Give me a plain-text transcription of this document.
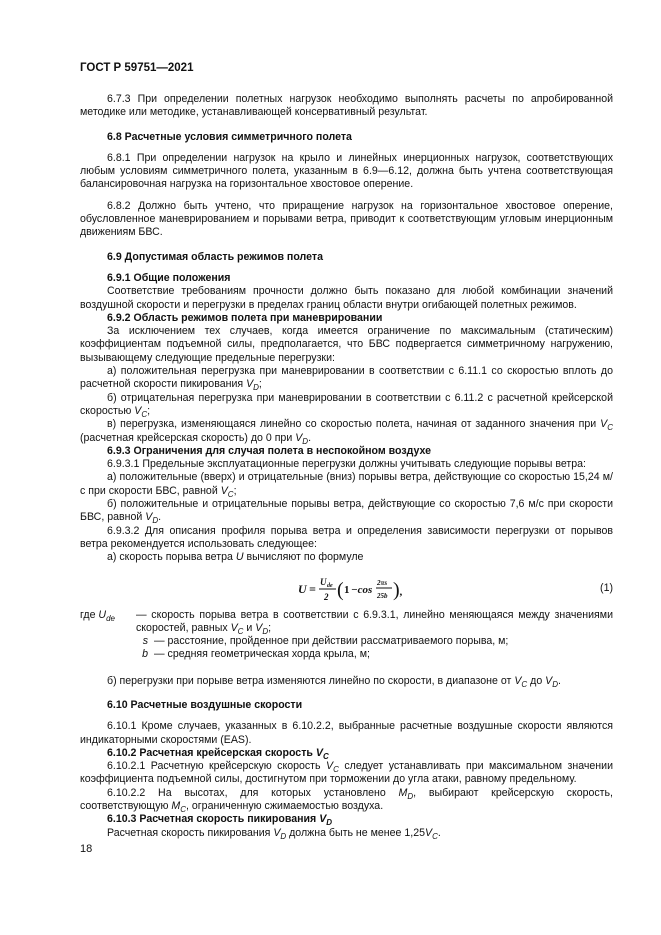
ГОСТ Р 59751—2021

6.7.3 При определении полетных нагрузок необходимо выполнять расчеты по апробированной методике или методике, устанавливающей консервативный результат.

6.8 Расчетные условия симметричного полета

6.8.1 При определении нагрузок на крыло и линейных инерционных нагрузок, соответствующих любым условиям симметричного полета, указанным в 6.9—6.12, должна быть учтена соответствующая балансировочная нагрузка на горизонтальное хвостовое оперение.

6.8.2 Должно быть учтено, что приращение нагрузок на горизонтальное хвостовое оперение, обусловленное маневрированием и порывами ветра, приводит к соответствующим угловым инерционным движениям БВС.

6.9 Допустимая область режимов полета

6.9.1 Общие положения

Соответствие требованиям прочности должно быть показано для любой комбинации значений воздушной скорости и перегрузки в пределах границ области внутри огибающей полетных режимов.

6.9.2 Область режимов полета при маневрировании

За исключением тех случаев, когда имеется ограничение по максимальным (статическим) коэффициентам подъемной силы, предполагается, что БВС подвергается симметричному нагружению, вызывающему следующие предельные перегрузки:

а) положительная перегрузка при маневрировании в соответствии с 6.11.1 со скоростью вплоть до расчетной скорости пикирования $V_D$;

б) отрицательная перегрузка при маневрировании в соответствии с 6.11.2 с расчетной крейсерской скоростью $V_C$;

в) перегрузка, изменяющаяся линейно со скоростью полета, начиная от заданного значения при $V_C$ (расчетная крейсерская скорость) до 0 при $V_D$.

6.9.3 Ограничения для случая полета в неспокойном воздухе

6.9.3.1 Предельные эксплуатационные перегрузки должны учитывать следующие порывы ветра:

а) положительные (вверх) и отрицательные (вниз) порывы ветра, действующие со скоростью 15,24 м/с при скорости БВС, равной $V_C$;

б) положительные и отрицательные порывы ветра, действующие со скоростью 7,6 м/с при скорости БВС, равной $V_D$.

6.9.3.2 Для описания профиля порыва ветра и определения зависимости перегрузки от порывов ветра рекомендуется использовать следующее:

а) скорость порыва ветра U вычисляют по формуле

U = U de
2 ( 1 −cos
2πs
25b ) ,	(1)
где $U_{de}$	— скорость порыва ветра в соответствии с 6.9.3.1, линейно меняющаяся между значениями скоростей, равных $V_C$ и $V_D$;
s — расстояние, пройденное при действии рассматриваемого порыва, м;
b — средняя геометрическая хорда крыла, м;

б) перегрузки при порыве ветра изменяются линейно по скорости, в диапазоне от $V_C$ до $V_D$.

6.10 Расчетные воздушные скорости

6.10.1 Кроме случаев, указанных в 6.10.2.2, выбранные расчетные воздушные скорости являются индикаторными скоростями (EAS).

6.10.2 Расчетная крейсерская скорость $V_C$

6.10.2.1 Расчетную крейсерскую скорость $V_C$ следует устанавливать при максимальном значении коэффициента подъемной силы, достигнутом при торможении до угла атаки, равному предельному.

6.10.2.2 На высотах, для которых установлено $M_D$, выбирают крейсерскую скорость, соответствующую $M_C$, ограниченную сжимаемостью воздуха.

6.10.3 Расчетная скорость пикирования $V_D$

Расчетная скорость пикирования $V_D$ должна быть не менее $1,25V_C$.

18
